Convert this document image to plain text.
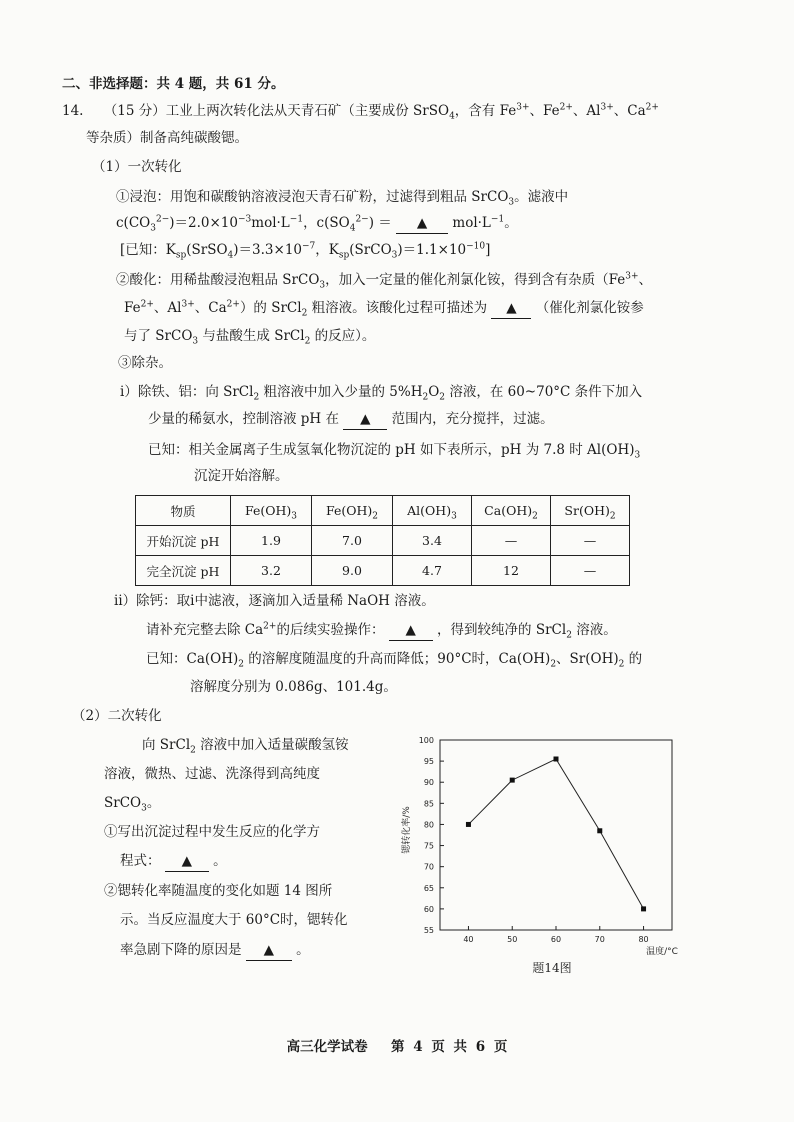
二、非选择题：共 4 题，共 61 分。
14. （15 分）工业上两次转化法从天青石矿（主要成份 SrSO$_4$，含有 $Fe^{3+}$、$Fe^{2+}$、$Al^{3+}$、$Ca^{2+}$
等杂质）制备高纯碳酸锶。
（1）一次转化
①浸泡：用饱和碳酸钠溶液浸泡天青石矿粉，过滤得到粗品 SrCO$_3$。滤液中
$c(CO_3^{2-})=2.0\times 10^{-3}mol\cdot L^{-1}$，$c(SO_4^{2-})$ ＝ ▲ $mol\cdot L^{-1}$。
[已知：$K_{sp}(SrSO_4)=3.3\times 10^{-7}$，$K_{sp}(SrCO_3)=1.1\times 10^{-10}$]
②酸化：用稀盐酸浸泡粗品 SrCO$_3$，加入一定量的催化剂氯化铵，得到含有杂质（$Fe^{3+}$、
$Fe^{2+}$、$Al^{3+}$、$Ca^{2+}$）的 SrCl$_2$ 粗溶液。该酸化过程可描述为 ▲ （催化剂氯化铵参
与了 SrCO$_3$ 与盐酸生成 SrCl$_2$ 的反应）。
③除杂。
ⅰ）除铁、铝：向 SrCl$_2$ 粗溶液中加入少量的 $5\%H_2O_2$ 溶液，在 60~70°C 条件下加入
少量的稀氨水，控制溶液 pH 在 ▲ 范围内，充分搅拌，过滤。
已知：相关金属离子生成氢氧化物沉淀的 pH 如下表所示，pH 为 7.8 时 $Al(OH)_3$
沉淀开始溶解。
物质	$Fe(OH)_3$	$Fe(OH)_2$	$Al(OH)_3$	$Ca(OH)_2$	$Sr(OH)_2$
开始沉淀 pH	1.9	7.0	3.4	—	—
完全沉淀 pH	3.2	9.0	4.7	12	—
ⅱ）除钙：取ⅰ中滤液，逐滴加入适量稀 NaOH 溶液。
请补充完整去除 $Ca^{2+}$的后续实验操作： ▲ ，得到较纯净的 SrCl$_2$ 溶液。
已知：$Ca(OH)_2$ 的溶解度随温度的升高而降低；90°C时，$Ca(OH)_2$、$Sr(OH)_2$ 的
溶解度分别为 0.086g、101.4g。
（2）二次转化
向 SrCl$_2$ 溶液中加入适量碳酸氢铵
溶液，微热、过滤、洗涤得到高纯度
SrCO$_3$。
①写出沉淀过程中发生反应的化学方
程式： ▲ 。
②锶转化率随温度的变化如题 14 图所
示。当反应温度大于 60°C时，锶转化
率急剧下降的原因是 ▲ 。
55
60
65
70
75
80
85
90
95
100
40	50	60	70	80
锶转化率/%
温度/°C
题14图
高三化学试卷 第 4 页 共 6 页
